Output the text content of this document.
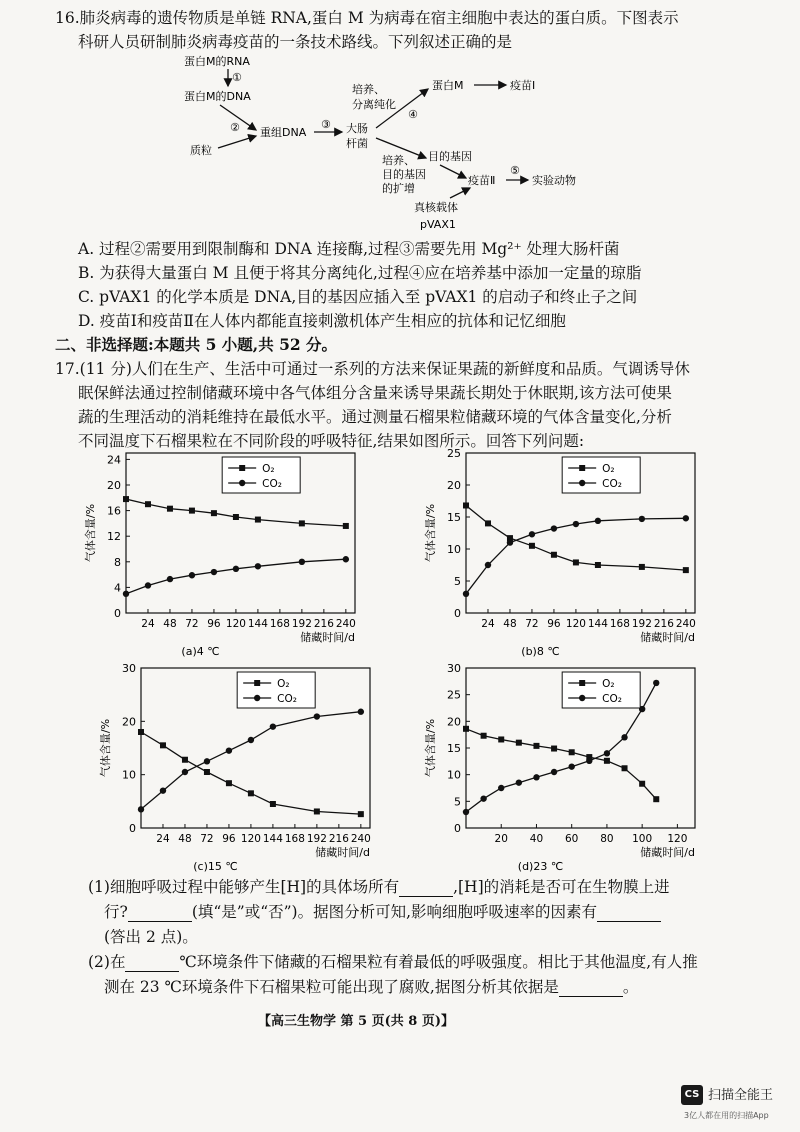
16.肺炎病毒的遗传物质是单链 RNA,蛋白 M 为病毒在宿主细胞中表达的蛋白质。下图表示
科研人员研制肺炎病毒疫苗的一条技术路线。下列叙述正确的是
蛋白M的RNA
①
蛋白M的DNA
②
质粒
重组DNA
③ 大肠
杆菌
培养、
分离纯化
④
蛋白M	疫苗Ⅰ
目的基因
培养、
目的基因
的扩增
疫苗Ⅱ
⑤
实验动物
真核载体
pVAX1
A. 过程②需要用到限制酶和 DNA 连接酶,过程③需要先用 Mg²⁺ 处理大肠杆菌
B. 为获得大量蛋白 M 且便于将其分离纯化,过程④应在培养基中添加一定量的琼脂
C. pVAX1 的化学本质是 DNA,目的基因应插入至 pVAX1 的启动子和终止子之间
D. 疫苗Ⅰ和疫苗Ⅱ在人体内都能直接刺激机体产生相应的抗体和记忆细胞
二、非选择题:本题共 5 小题,共 52 分。
17.(11 分)人们在生产、生活中可通过一系列的方法来保证果蔬的新鲜度和品质。气调诱导休
眠保鲜法通过控制储藏环境中各气体组分含量来诱导果蔬长期处于休眠期,该方法可使果
蔬的生理活动的消耗维持在最低水平。通过测量石榴果粒储藏环境的气体含量变化,分析
不同温度下石榴果粒在不同阶段的呼吸特征,结果如图所示。回答下列问题:
0
4
8
12
16
20
24
24 48 72 96 120 144 168 192 216 240
储藏时间/d
气体含量/%
(a)4 ℃
O₂
CO₂
0
5
10
15
20
25
24 48 72 96 120 144 168 192 216 240
储藏时间/d
气体含量/%
(b)8 ℃
O₂
CO₂
0
10
20
30
24 48 72 96 120 144 168 192 216 240
储藏时间/d
气体含量/%
(c)15 ℃
O₂
CO₂
0
5
10
15
20
25
30
20 40 60 80 100 120
储藏时间/d
气体含量/%
(d)23 ℃
O₂
CO₂
(1)细胞呼吸过程中能够产生[H]的具体场所有	,[H]的消耗是否可在生物膜上进
行?	(填“是”或“否”)。据图分析可知,影响细胞呼吸速率的因素有
(答出 2 点)。
(2)在	℃环境条件下储藏的石榴果粒有着最低的呼吸强度。相比于其他温度,有人推
测在 23 ℃环境条件下石榴果粒可能出现了腐败,据图分析其依据是	。
【高三生物学 第 5 页(共 8 页)】
CS 扫描全能王
3亿人都在用的扫描App
